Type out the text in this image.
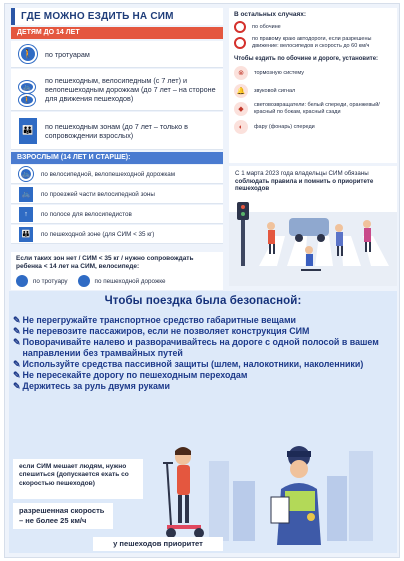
ГДЕ МОЖНО ЕЗДИТЬ НА СИМ
ДЕТЯМ ДО 14 ЛЕТ
🚶	по тротуарам
🚲
🚶
по пешеходным, велосипедным (с 7 лет) и велопешеходным дорожкам (до 7 лет – на стороне для движения пешеходов)
👪	по пешеходным зонам (до 7 лет – только в сопровождении взрослых)
ВЗРОСЛЫМ (14 ЛЕТ И СТАРШЕ):
🚲	по велосипедной, велопешеходной дорожкам
🚲	по проезжей части велосипедной зоны
↑	по полосе для велосипедистов
👪	по пешеходной зоне (для СИМ < 35 кг)
Если таких зон нет / СИМ < 35 кг / нужно сопровождать ребенка < 14 лет на СИМ, велосипеде:
по тротуару	по пешеходной дорожке
В остальных случаях:
по обочине
по правому краю автодороги, если разрешены движение: велосипедов и скорость до 60 км/ч
Чтобы ездить по обочине и дороге, установите:
⊗	тормозную систему
🔔	звуковой сигнал
◆
световозвращатели: белый спереди, оранжевый/красный по бокам, красный сзади
◐	фару (фонарь) спереди
С 1 марта 2023 года владельцы СИМ обязаны соблюдать правила и помнить о приоритете пешеходов
Чтобы поездка была безопасной:
✎ Не перегружайте транспортное средство габаритные вещами
✎ Не перевозите пассажиров, если не позволяет конструкция СИМ
✎ Поворачивайте налево и разворачивайтесь на дороге с одной полосой в вашем направлении без трамвайных путей
✎ Используйте средства пассивной защиты (шлем, налокотники, наколенники)
✎ Не пересекайте дорогу по пешеходным переходам
✎ Держитесь за руль двумя руками
если СИМ мешает людям, нужно спешиться (допускается ехать со скоростью пешеходов)
разрешенная скорость – не более 25 км/ч
у пешеходов приоритет
